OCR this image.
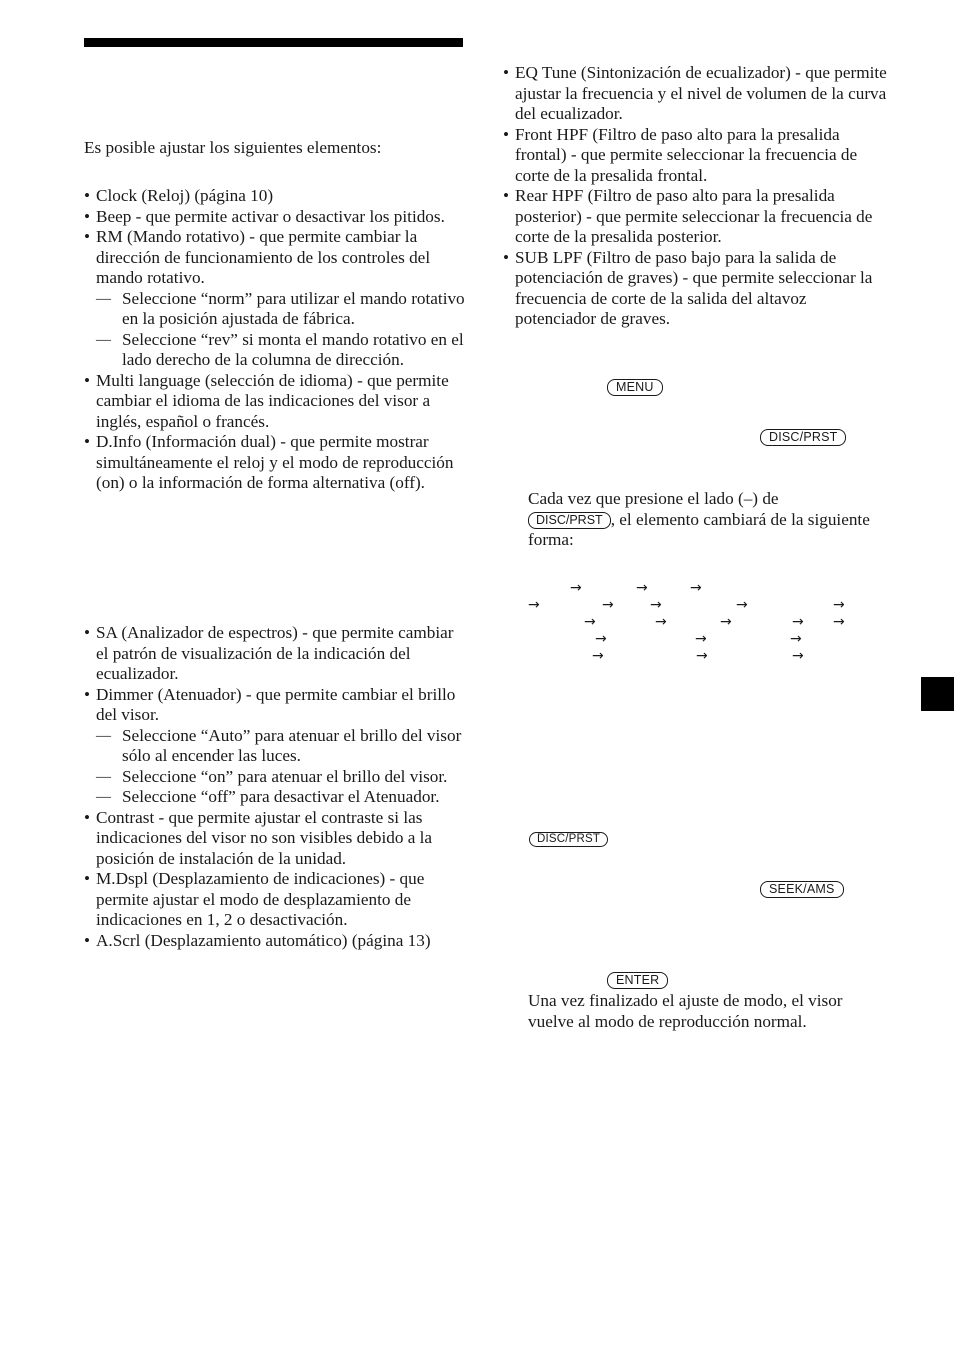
Es posible ajustar los siguientes elementos:
• Clock (Reloj) (página 10)
• Beep - que permite activar o desactivar los pitidos.
• RM (Mando rotativo) - que permite cambiar la dirección de funcionamiento de los controles del mando rotativo.
— Seleccione “norm” para utilizar el mando rotativo en la posición ajustada de fábrica.
— Seleccione “rev” si monta el mando rotativo en el lado derecho de la columna de dirección.
• Multi language (selección de idioma) - que permite cambiar el idioma de las indicaciones del visor a inglés, español o francés.
• D.Info (Información dual) - que permite mostrar simultáneamente el reloj y el modo de reproducción (on) o la información de forma alternativa (off).
• SA (Analizador de espectros) - que permite cambiar el patrón de visualización de la indicación del ecualizador.
• Dimmer (Atenuador) - que permite cambiar el brillo del visor.
— Seleccione “Auto” para atenuar el brillo del visor sólo al encender las luces.
— Seleccione “on” para atenuar el brillo del visor.
— Seleccione “off” para desactivar el Atenuador.
• Contrast - que permite ajustar el contraste si las indicaciones del visor no son visibles debido a la posición de instalación de la unidad.
• M.Dspl (Desplazamiento de indicaciones) - que permite ajustar el modo de desplazamiento de indicaciones en 1, 2 o desactivación.
• A.Scrl (Desplazamiento automático) (página 13)
• EQ Tune (Sintonización de ecualizador) - que permite ajustar la frecuencia y el nivel de volumen de la curva del ecualizador.
• Front HPF (Filtro de paso alto para la presalida frontal) - que permite seleccionar la frecuencia de corte de la presalida frontal.
• Rear HPF (Filtro de paso alto para la presalida posterior) - que permite seleccionar la frecuencia de corte de la presalida posterior.
• SUB LPF (Filtro de paso bajo para la salida de potenciación de graves) - que permite seleccionar la frecuencia de corte de la salida del altavoz potenciador de graves.
MENU
DISC/PRST
Cada vez que presione el lado (–) de
DISC/PRST , el elemento cambiará de la siguiente forma:
→	→	→
→	→	→	→	→
→	→	→	→ →
→	→	→
→	→	→
DISC/PRST
SEEK/AMS
ENTER
Una vez finalizado el ajuste de modo, el visor vuelve al modo de reproducción normal.
